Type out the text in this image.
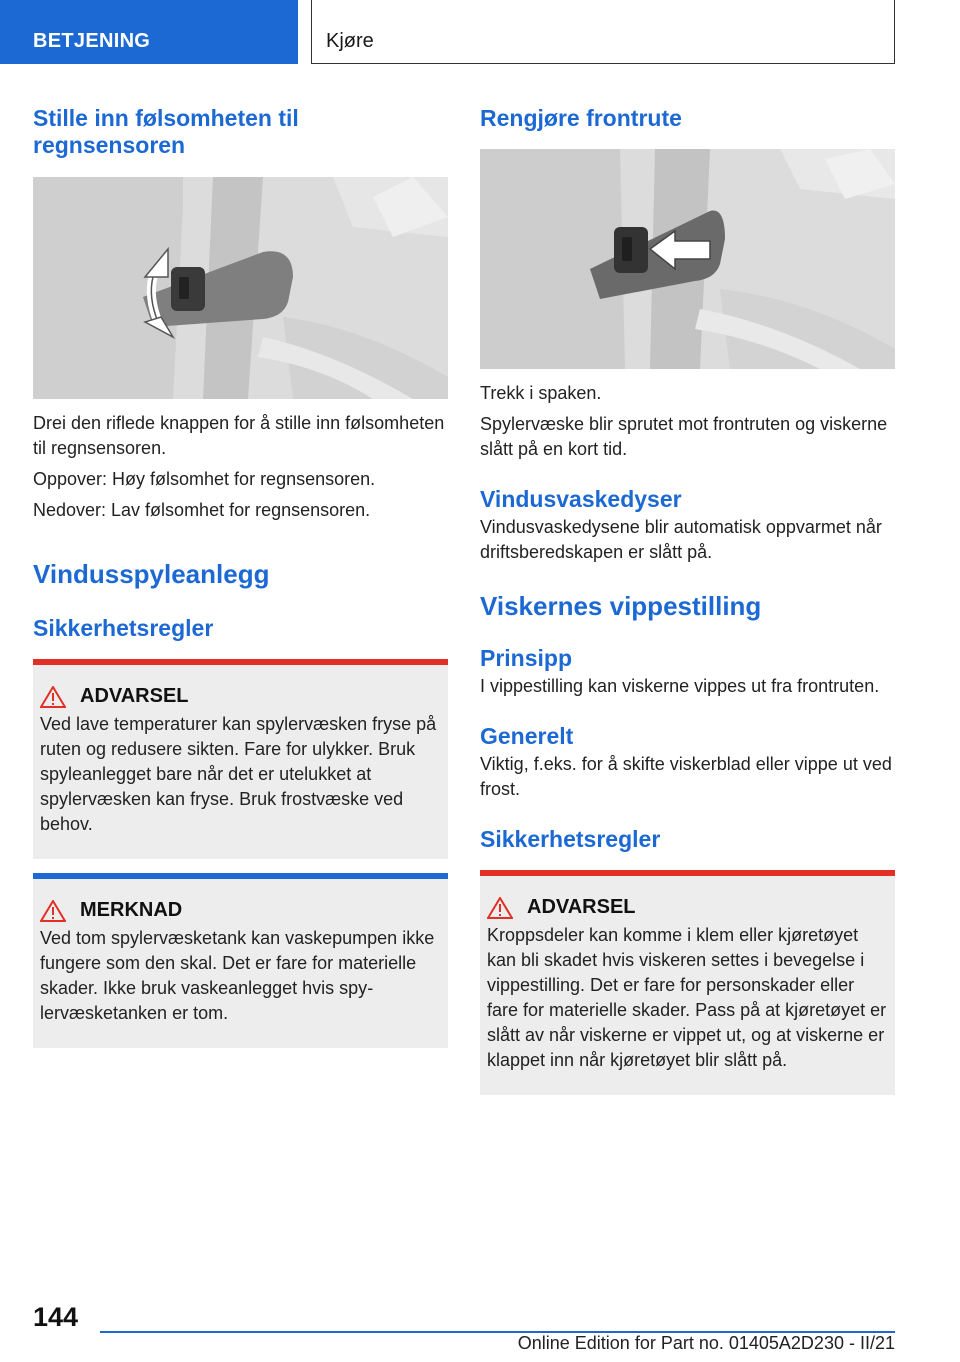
BETJENING	Kjøre
Stille inn følsomheten til regnsensoren

Drei den riflede knappen for å stille inn følsomheten til regnsensoren.

Oppover: Høy følsomhet for regnsensoren.

Nedover: Lav følsomhet for regnsensoren.

Vindusspyleanlegg
Sikkerhetsregler
ADVARSEL

Ved lave temperaturer kan spylervæsken fryse på ruten og redusere sikten. Fare for ulykker. Bruk spyleanlegget bare når det er utelukket at spylervæsken kan fryse. Bruk frostvæske ved behov.

MERKNAD

Ved tom spylervæsketank kan vaskepumpen ikke fungere som den skal. Det er fare for materielle skader. Ikke bruk vaskeanlegget hvis spylervæsketanken er tom.

Rengjøre frontrute

Trekk i spaken.

Spylervæske blir sprutet mot frontruten og viskerne slått på en kort tid.

Vindusvaskedyser

Vindusvaskedysene blir automatisk oppvarmet når driftsberedskapen er slått på.

Viskernes vippestilling
Prinsipp

I vippestilling kan viskerne vippes ut fra frontruten.

Generelt

Viktig, f.eks. for å skifte viskerblad eller vippe ut ved frost.

Sikkerhetsregler
ADVARSEL

Kroppsdeler kan komme i klem eller kjøretøyet kan bli skadet hvis viskeren settes i bevegelse i vippestilling. Det er fare for personskader eller fare for materielle skader. Pass på at kjøretøyet er slått av når viskerne er vippet ut, og at viskerne er klappet inn når kjøretøyet blir slått på.

144
Online Edition for Part no. 01405A2D230 - II/21
